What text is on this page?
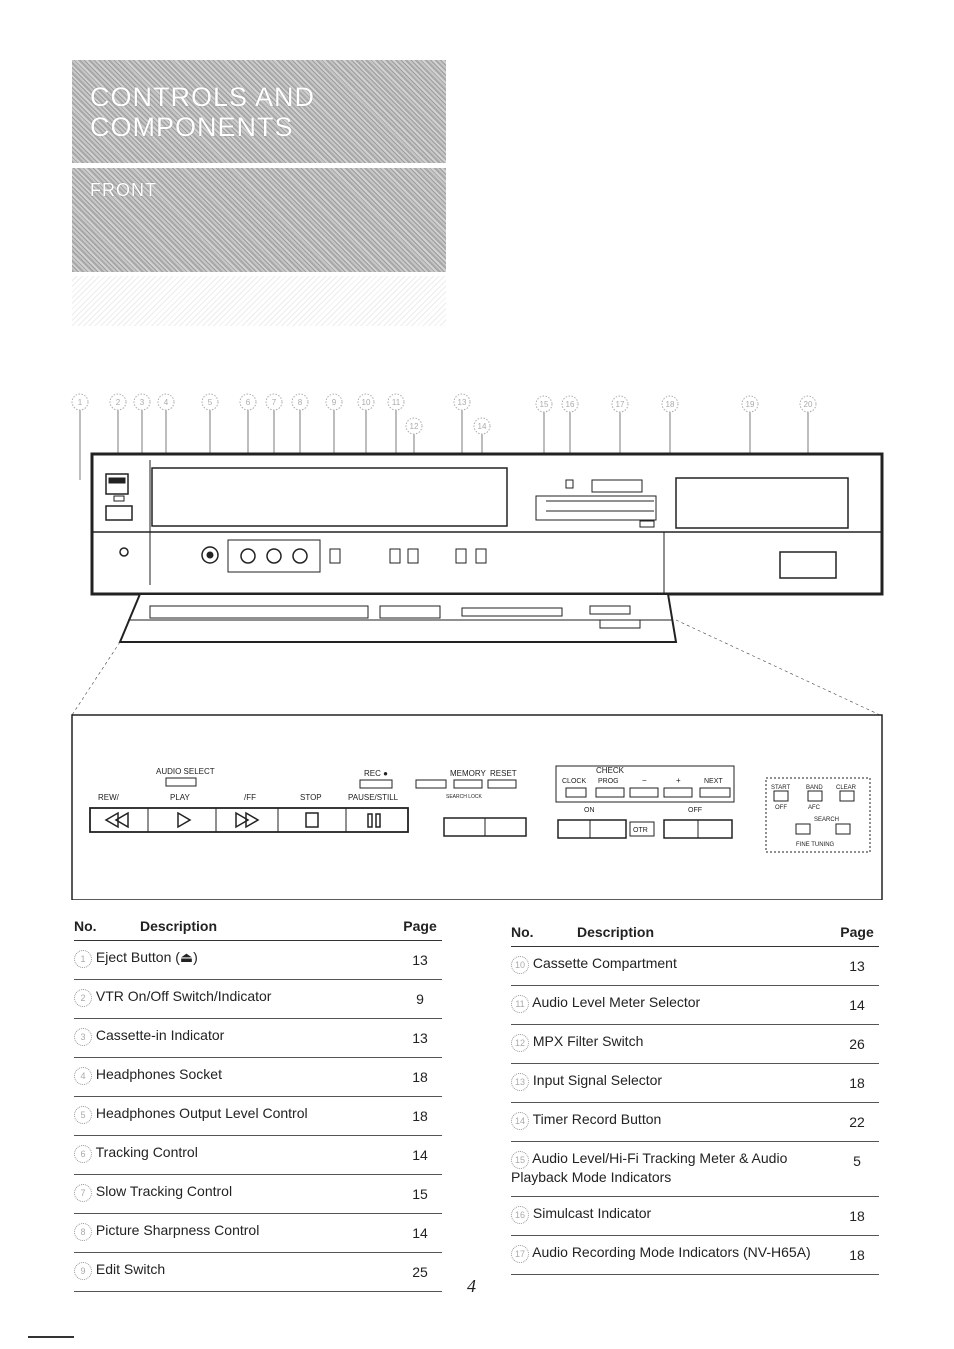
CONTROLS AND
COMPONENTS
FRONT
1	2 3 4	5	6	7	8	9	10	11
12
13
14
15 16	17	18	19	20
AUDIO SELECT
REW/	PLAY	/FF	STOP
REC ●
PAUSE/STILL
MEMORY RESET
SEARCH LOCK
CHECK
CLOCK PROG	−	+	NEXT
ON	OFF
OTR
START	BAND CLEAR
OFF	AFC
SEARCH
FINE TUNING
No.	Description	Page
1 Eject Button (⏏)		13
2 VTR On/Off Switch/Indicator		9
3 Cassette-in Indicator		13
4 Headphones Socket		18
5 Headphones Output Level Control		18
6 Tracking Control		14
7 Slow Tracking Control		15
8 Picture Sharpness Control		14
9 Edit Switch		25
No.	Description	Page
10 Cassette Compartment		13
11 Audio Level Meter Selector		14
12 MPX Filter Switch		26
13 Input Signal Selector		18
14 Timer Record Button		22
15 Audio Level/Hi-Fi Tracking Meter & Audio Playback Mode Indicators		5
16 Simulcast Indicator		18
17 Audio Recording Mode Indicators (NV-H65A)		18
4
